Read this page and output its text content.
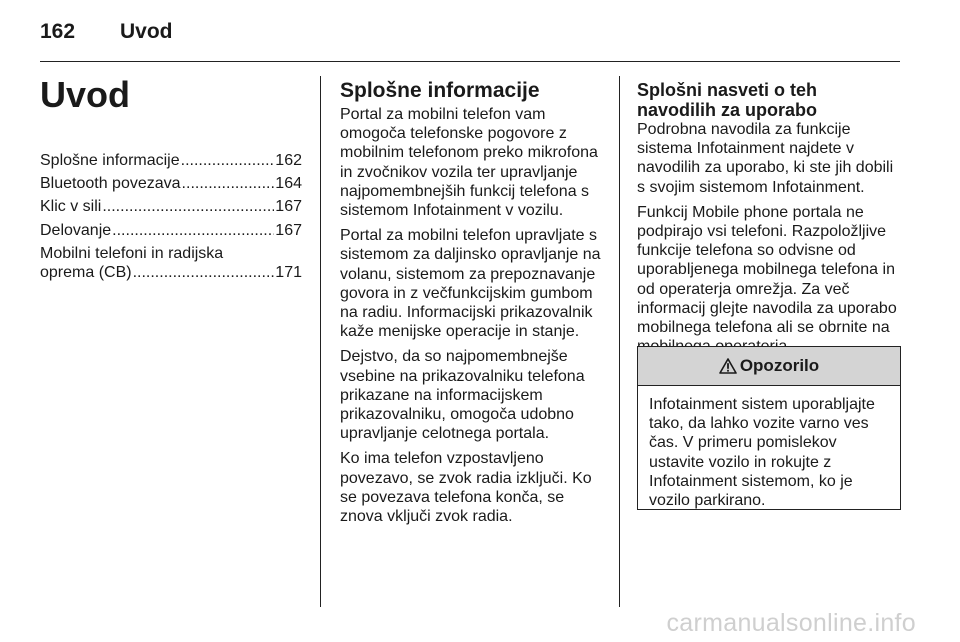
162 Uvod
Uvod
Splošne informacije .....	162
Bluetooth povezava .....	164
Klic v sili .....	167
Delovanje .....	167
Mobilni telefoni in radijska
oprema (CB) .....	171
Splošne informacije

Portal za mobilni telefon vam omogoča telefonske pogovore z mobilnim telefonom preko mikrofona in zvočnikov vozila ter upravljanje najpomembnejših funkcij telefona s sistemom Infotainment v vozilu.

Portal za mobilni telefon upravljate s sistemom za daljinsko opravljanje na volanu, sistemom za prepoznavanje govora in z večfunkcijskim gumbom na radiu. Informacijski prikazovalnik kaže menijske operacije in stanje.

Dejstvo, da so najpomembnejše vsebine na prikazovalniku telefona prikazane na informacijskem prikazovalniku, omogoča udobno upravljanje celotnega portala.

Ko ima telefon vzpostavljeno povezavo, se zvok radia izključi. Ko se povezava telefona konča, se znova vključi zvok radia.

Splošni nasveti o teh navodilih za uporabo

Podrobna navodila za funkcije sistema Infotainment najdete v navodilih za uporabo, ki ste jih dobili s svojim sistemom Infotainment.

Funkcij Mobile phone portala ne podpirajo vsi telefoni. Razpoložljive funkcije telefona so odvisne od uporabljenega mobilnega telefona in od operaterja omrežja. Za več informacij glejte navodila za uporabo mobilnega telefona ali se obrnite na

Opozorilo
Infotainment sistem uporabljajte tako, da lahko vozite varno ves čas. V primeru pomislekov ustavite vozilo in rokujte z Infotainment sistemom, ko je vozilo parkirano.
carmanualsonline.info
